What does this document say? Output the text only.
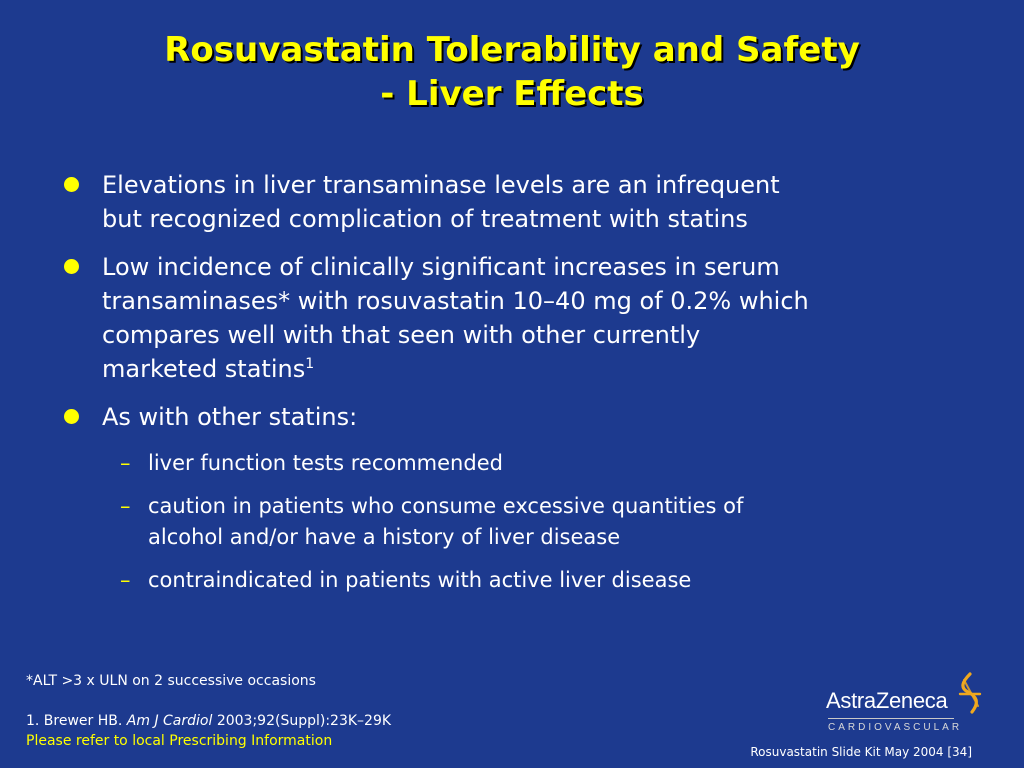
Rosuvastatin Tolerability and Safety
- Liver Effects
Elevations in liver transaminase levels are an infrequent
but recognized complication of treatment with statins
Low incidence of clinically significant increases in serum
transaminases* with rosuvastatin 10–40 mg of 0.2% which
compares well with that seen with other currently
marketed statins$^1$
As with other statins:
– liver function tests recommended
– caution in patients who consume excessive quantities of
alcohol and/or have a history of liver disease
– contraindicated in patients with active liver disease
*ALT >3 x ULN on 2 successive occasions
1. Brewer HB. Am J Cardiol 2003;92(Suppl):23K–29K
Please refer to local Prescribing Information
AstraZeneca
CARDIOVASCULAR
Rosuvastatin Slide Kit May 2004 [34]
